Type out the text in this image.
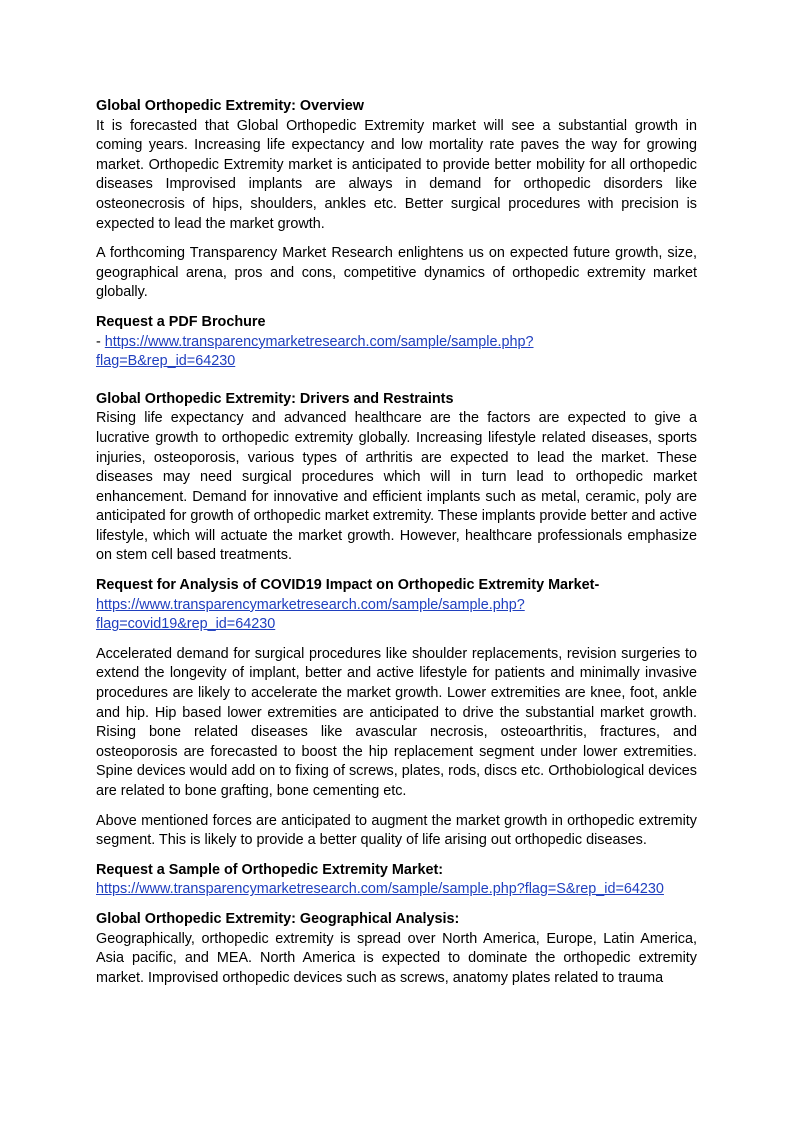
Global Orthopedic Extremity: Overview

It is forecasted that Global Orthopedic Extremity market will see a substantial growth in coming years. Increasing life expectancy and low mortality rate paves the way for growing market. Orthopedic Extremity market is anticipated to provide better mobility for all orthopedic diseases Improvised implants are always in demand for orthopedic disorders like osteonecrosis of hips, shoulders, ankles etc. Better surgical procedures with precision is expected to lead the market growth.

A forthcoming Transparency Market Research enlightens us on expected future growth, size, geographical arena, pros and cons, competitive dynamics of orthopedic extremity market globally.

Request a PDF Brochure

- https://www.transparencymarketresearch.com/sample/sample.php?
flag=B&rep_id=64230

Global Orthopedic Extremity: Drivers and Restraints

Rising life expectancy and advanced healthcare are the factors are expected to give a lucrative growth to orthopedic extremity globally. Increasing lifestyle related diseases, sports injuries, osteoporosis, various types of arthritis are expected to lead the market. These diseases may need surgical procedures which will in turn lead to orthopedic market enhancement. Demand for innovative and efficient implants such as metal, ceramic, poly are anticipated for growth of orthopedic market extremity. These implants provide better and active lifestyle, which will actuate the market growth. However, healthcare professionals emphasize on stem cell based treatments.

Request for Analysis of COVID19 Impact on Orthopedic Extremity Market-
https://www.transparencymarketresearch.com/sample/sample.php?
flag=covid19&rep_id=64230

Accelerated demand for surgical procedures like shoulder replacements, revision surgeries to extend the longevity of implant, better and active lifestyle for patients and minimally invasive procedures are likely to accelerate the market growth. Lower extremities are knee, foot, ankle and hip. Hip based lower extremities are anticipated to drive the substantial market growth. Rising bone related diseases like avascular necrosis, osteoarthritis, fractures, and osteoporosis are forecasted to boost the hip replacement segment under lower extremities. Spine devices would add on to fixing of screws, plates, rods, discs etc. Orthobiological devices are related to bone grafting, bone cementing etc.

Above mentioned forces are anticipated to augment the market growth in orthopedic extremity segment. This is likely to provide a better quality of life arising out orthopedic diseases.

Request a Sample of Orthopedic Extremity Market:

https://www.transparencymarketresearch.com/sample/sample.php?flag=S&rep_id=64230

Global Orthopedic Extremity: Geographical Analysis:

Geographically, orthopedic extremity is spread over North America, Europe, Latin America, Asia pacific, and MEA. North America is expected to dominate the orthopedic extremity market. Improvised orthopedic devices such as screws, anatomy plates related to trauma
